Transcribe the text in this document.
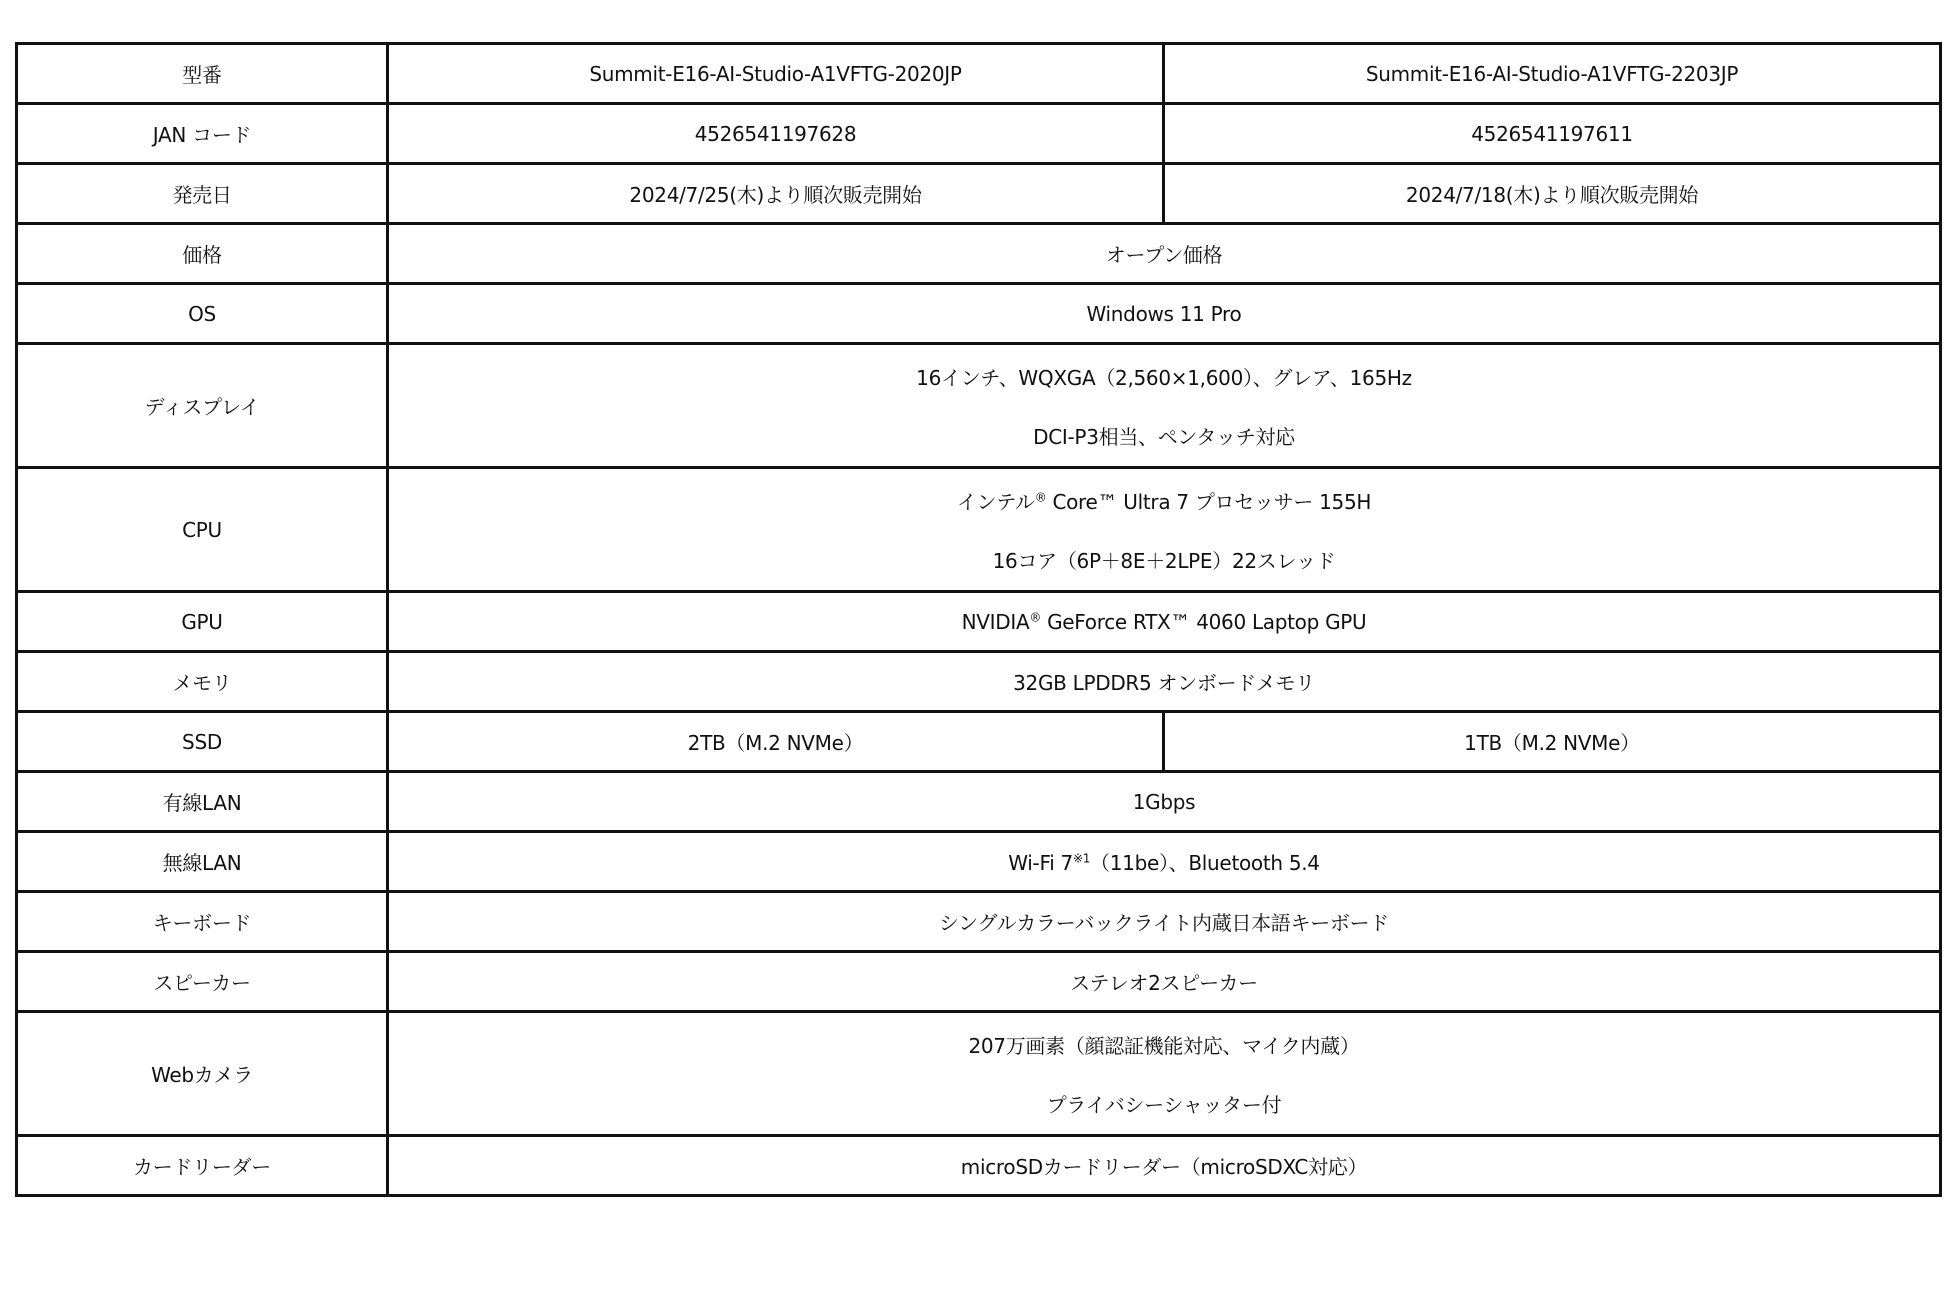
型番	Summit-E16-AI-Studio-A1VFTG-2020JP	Summit-E16-AI-Studio-A1VFTG-2203JP
JAN コード	4526541197628	4526541197611
発売日	2024/7/25(木)より順次販売開始	2024/7/18(木)より順次販売開始
価格	オープン価格	
OS	Windows 11 Pro	
ディスプレイ	16インチ、WQXGA（2,560×1,600）、グレア、165Hz
DCI-P3相当、ペンタッチ対応	

CPU	インテル® Core™ Ultra 7 プロセッサー 155H
16コア（6P＋8E＋2LPE）22スレッド	

GPU	NVIDIA® GeForce RTX™ 4060 Laptop GPU	
メモリ	32GB LPDDR5 オンボードメモリ	
SSD	2TB（M.2 NVMe）	1TB（M.2 NVMe）
有線LAN	1Gbps	
無線LAN	Wi-Fi 7$^{※1}$（11be）、Bluetooth 5.4	
キーボード	シングルカラーバックライト内蔵日本語キーボード	
スピーカー	ステレオ2スピーカー	
Webカメラ	207万画素（顔認証機能対応、マイク内蔵）
プライバシーシャッター付	

カードリーダー	microSDカードリーダー（microSDXC対応）	
